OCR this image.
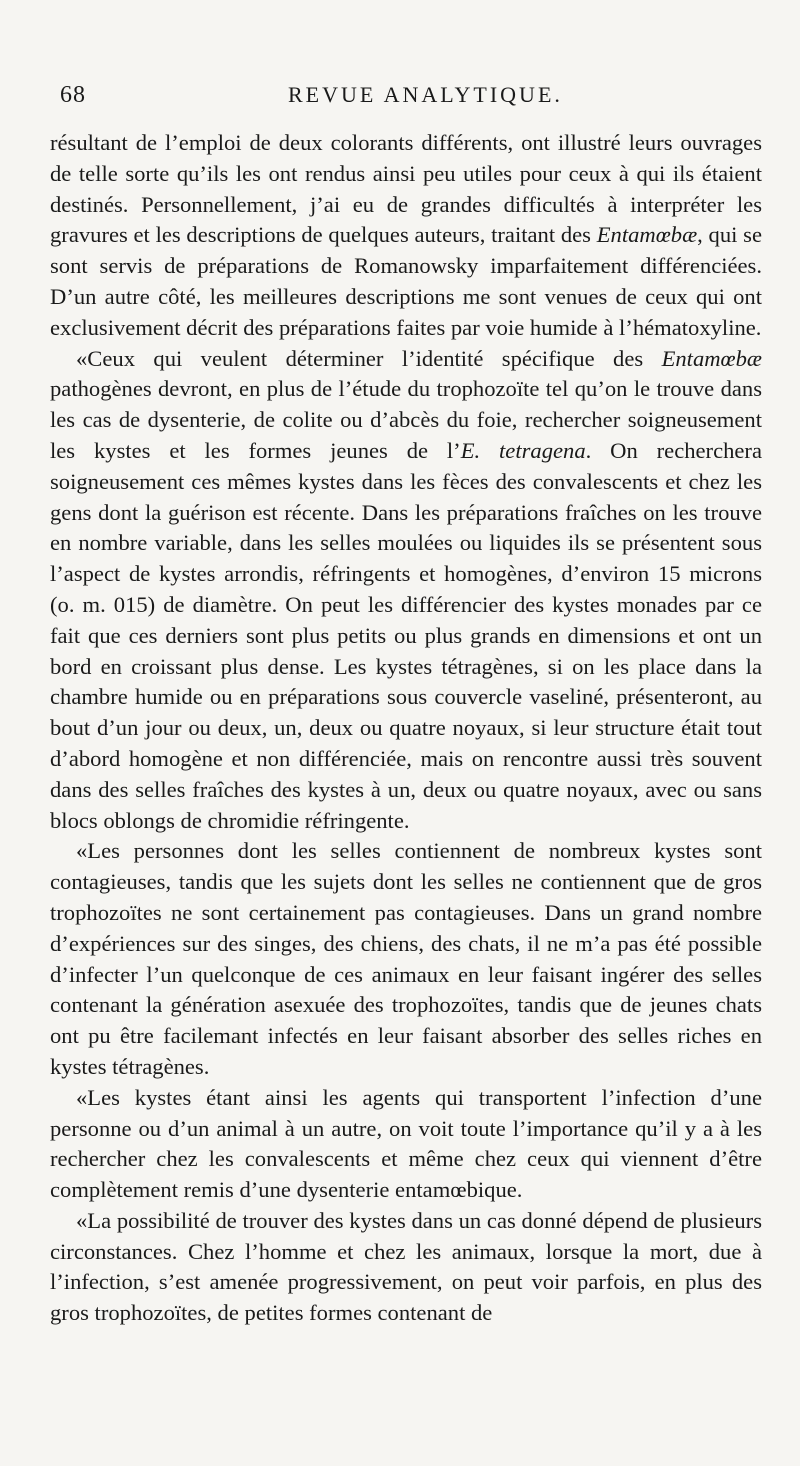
68	REVUE ANALYTIQUE.

résultant de l’emploi de deux colorants différents, ont illustré leurs ouvrages de telle sorte qu’ils les ont rendus ainsi peu utiles pour ceux à qui ils étaient destinés. Personnellement, j’ai eu de grandes difficultés à interpréter les gravures et les descriptions de quelques auteurs, traitant des Entamœbæ, qui se sont servis de préparations de Romanowsky imparfaitement différenciées. D’un autre côté, les meilleures descriptions me sont venues de ceux qui ont exclusivement décrit des préparations faites par voie humide à l’hématoxyline.

«Ceux qui veulent déterminer l’identité spécifique des Entamœbæ pathogènes devront, en plus de l’étude du trophozoïte tel qu’on le trouve dans les cas de dysenterie, de colite ou d’abcès du foie, rechercher soigneusement les kystes et les formes jeunes de l’E. tetragena. On recherchera soigneusement ces mêmes kystes dans les fèces des convalescents et chez les gens dont la guérison est récente. Dans les préparations fraîches on les trouve en nombre variable, dans les selles moulées ou liquides ils se présentent sous l’aspect de kystes arrondis, réfringents et homogènes, d’environ 15 microns (o. m. 015) de diamètre. On peut les différencier des kystes monades par ce fait que ces derniers sont plus petits ou plus grands en dimensions et ont un bord en croissant plus dense. Les kystes tétragènes, si on les place dans la chambre humide ou en préparations sous couvercle vaseliné, présenteront, au bout d’un jour ou deux, un, deux ou quatre noyaux, si leur structure était tout d’abord homogène et non différenciée, mais on rencontre aussi très souvent dans des selles fraîches des kystes à un, deux ou quatre noyaux, avec ou sans blocs oblongs de chromidie réfringente.

«Les personnes dont les selles contiennent de nombreux kystes sont contagieuses, tandis que les sujets dont les selles ne contiennent que de gros trophozoïtes ne sont certainement pas contagieuses. Dans un grand nombre d’expériences sur des singes, des chiens, des chats, il ne m’a pas été possible d’infecter l’un quelconque de ces animaux en leur faisant ingérer des selles contenant la génération asexuée des trophozoïtes, tandis que de jeunes chats ont pu être facilemant infectés en leur faisant absorber des selles riches en kystes tétragènes.

«Les kystes étant ainsi les agents qui transportent l’infection d’une personne ou d’un animal à un autre, on voit toute l’importance qu’il y a à les rechercher chez les convalescents et même chez ceux qui viennent d’être complètement remis d’une dysenterie entamœbique.

«La possibilité de trouver des kystes dans un cas donné dépend de plusieurs circonstances. Chez l’homme et chez les animaux, lorsque la mort, due à l’infection, s’est amenée progressivement, on peut voir parfois, en plus des gros trophozoïtes, de petites formes contenant de
